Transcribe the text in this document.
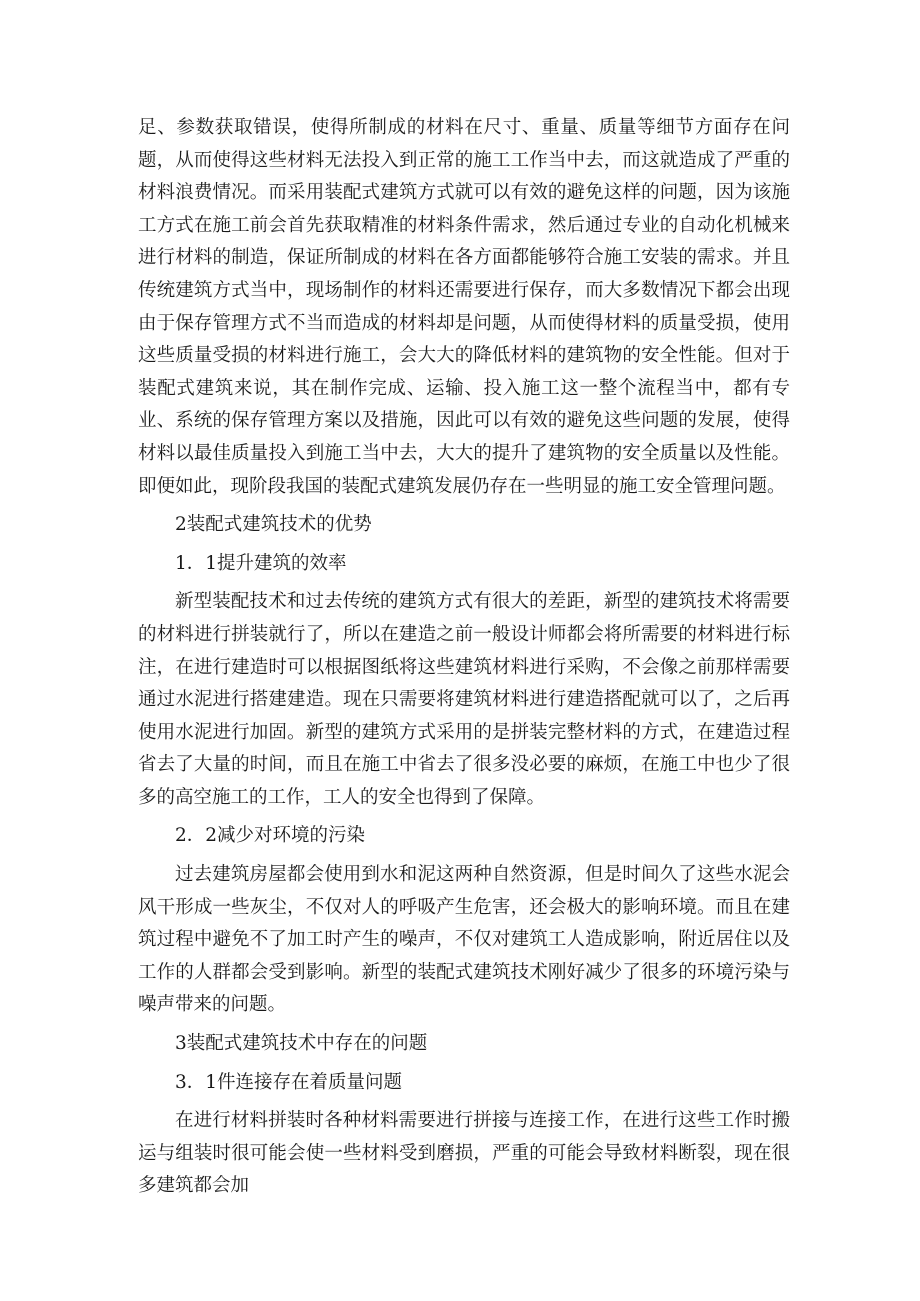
足、参数获取错误，使得所制成的材料在尺寸、重量、质量等细节方面存在问题，从而使得这些材料无法投入到正常的施工工作当中去，而这就造成了严重的材料浪费情况。而采用装配式建筑方式就可以有效的避免这样的问题，因为该施工方式在施工前会首先获取精准的材料条件需求，然后通过专业的自动化机械来进行材料的制造，保证所制成的材料在各方面都能够符合施工安装的需求。并且传统建筑方式当中，现场制作的材料还需要进行保存，而大多数情况下都会出现由于保存管理方式不当而造成的材料却是问题，从而使得材料的质量受损，使用这些质量受损的材料进行施工，会大大的降低材料的建筑物的安全性能。但对于装配式建筑来说，其在制作完成、运输、投入施工这一整个流程当中，都有专业、系统的保存管理方案以及措施，因此可以有效的避免这些问题的发展，使得材料以最佳质量投入到施工当中去，大大的提升了建筑物的安全质量以及性能。即便如此，现阶段我国的装配式建筑发展仍存在一些明显的施工安全管理问题。

2装配式建筑技术的优势

1．1提升建筑的效率

新型装配技术和过去传统的建筑方式有很大的差距，新型的建筑技术将需要的材料进行拼装就行了，所以在建造之前一般设计师都会将所需要的材料进行标注，在进行建造时可以根据图纸将这些建筑材料进行采购，不会像之前那样需要通过水泥进行搭建建造。现在只需要将建筑材料进行建造搭配就可以了，之后再使用水泥进行加固。新型的建筑方式采用的是拼装完整材料的方式，在建造过程省去了大量的时间，而且在施工中省去了很多没必要的麻烦，在施工中也少了很多的高空施工的工作，工人的安全也得到了保障。

2．2减少对环境的污染

过去建筑房屋都会使用到水和泥这两种自然资源，但是时间久了这些水泥会风干形成一些灰尘，不仅对人的呼吸产生危害，还会极大的影响环境。而且在建筑过程中避免不了加工时产生的噪声，不仅对建筑工人造成影响，附近居住以及工作的人群都会受到影响。新型的装配式建筑技术刚好减少了很多的环境污染与噪声带来的问题。

3装配式建筑技术中存在的问题

3．1件连接存在着质量问题

在进行材料拼装时各种材料需要进行拼接与连接工作，在进行这些工作时搬运与组装时很可能会使一些材料受到磨损，严重的可能会导致材料断裂，现在很多建筑都会加
